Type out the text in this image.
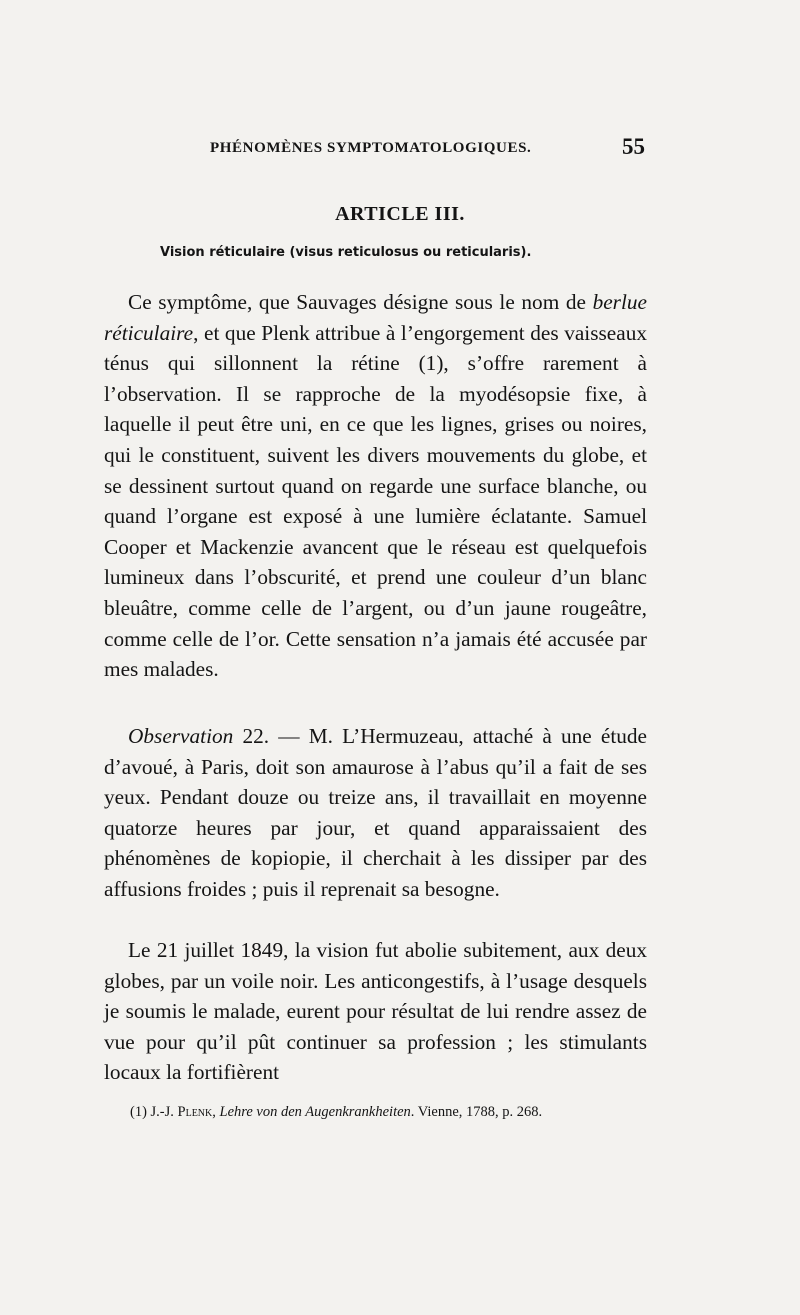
PHÉNOMÈNES SYMPTOMATOLOGIQUES.	55
ARTICLE III.
Vision réticulaire (visus reticulosus ou reticularis).

Ce symptôme, que Sauvages désigne sous le nom de berlue réticulaire, et que Plenk attribue à l’engorgement des vaisseaux ténus qui sillonnent la rétine (1), s’offre rarement à l’observation. Il se rapproche de la myodésopsie fixe, à laquelle il peut être uni, en ce que les lignes, grises ou noires, qui le constituent, suivent les divers mouvements du globe, et se dessinent surtout quand on regarde une surface blanche, ou quand l’organe est exposé à une lumière éclatante. Samuel Cooper et Mackenzie avancent que le réseau est quelquefois lumineux dans l’obscurité, et prend une couleur d’un blanc bleuâtre, comme celle de l’argent, ou d’un jaune rougeâtre, comme celle de l’or. Cette sensation n’a jamais été accusée par mes malades.

Observation 22. — M. L’Hermuzeau, attaché à une étude d’avoué, à Paris, doit son amaurose à l’abus qu’il a fait de ses yeux. Pendant douze ou treize ans, il travaillait en moyenne quatorze heures par jour, et quand apparaissaient des phénomènes de kopiopie, il cherchait à les dissiper par des affusions froides ; puis il reprenait sa besogne.

Le 21 juillet 1849, la vision fut abolie subitement, aux deux globes, par un voile noir. Les anticongestifs, à l’usage desquels je soumis le malade, eurent pour résultat de lui rendre assez de vue pour qu’il pût continuer sa profession ; les stimulants locaux la fortifièrent

(1) J.-J. Plenk, Lehre von den Augenkrankheiten. Vienne, 1788, p. 268.
